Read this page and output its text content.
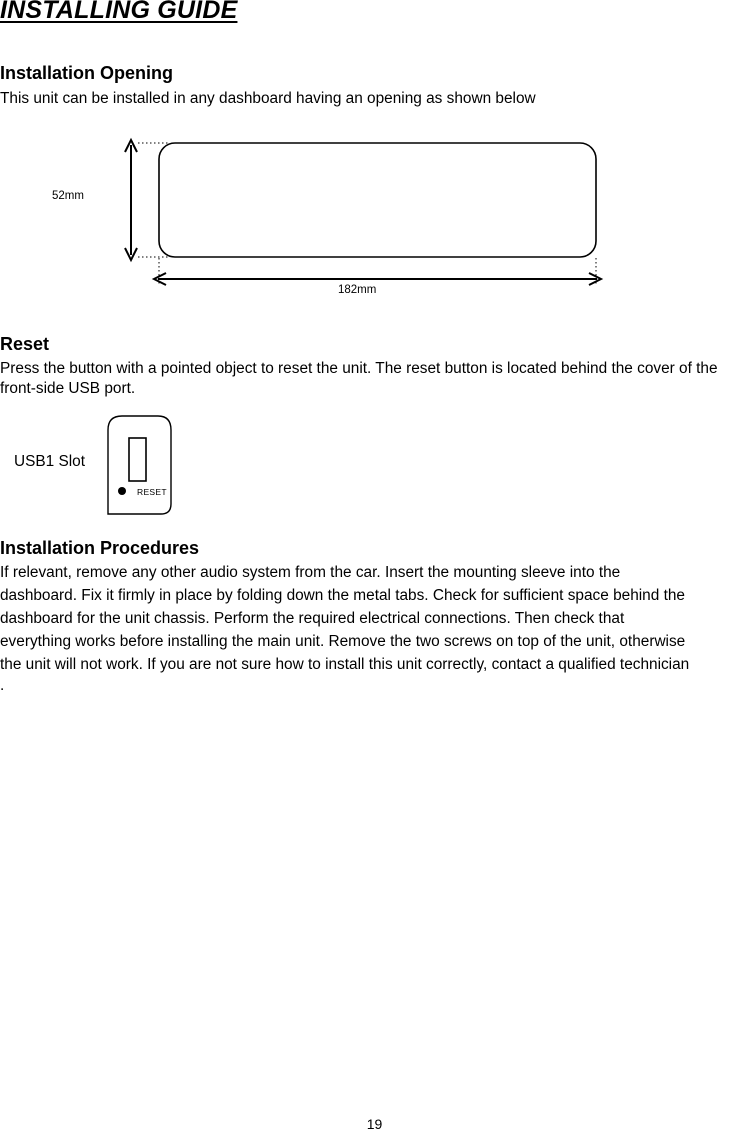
INSTALLING GUIDE
Installation Opening

This unit can be installed in any dashboard having an opening as shown below

52mm
182mm
Reset

Press the button with a pointed object to reset the unit. The reset button is located behind the cover of the front-side USB port.

USB1 Slot
RESET
Installation Procedures

If relevant, remove any other audio system from the car. Insert the mounting sleeve into the

dashboard. Fix it firmly in place by folding down the metal tabs. Check for sufficient space behind the

dashboard for the unit chassis. Perform the required electrical connections. Then check that

everything works before installing the main unit. Remove the two screws on top of the unit, otherwise

the unit will not work. If you are not sure how to install this unit correctly, contact a qualified technician

.

19
